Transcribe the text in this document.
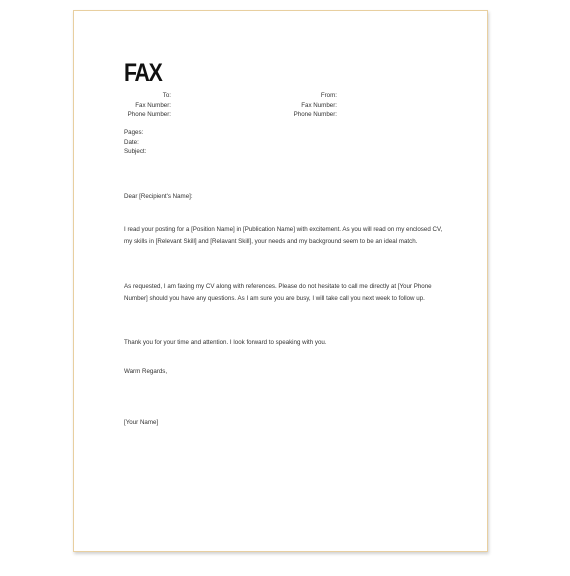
FAX
To:
Fax Number:
Phone Number:
From:
Fax Number:
Phone Number:
Pages:
Date:
Subject:
Dear [Recipient's Name]:
I read your posting for a [Position Name] in [Publication Name] with excitement. As you will read on my enclosed CV, my skills in [Relevant Skill] and [Relavant Skill], your needs and my background seem to be an ideal match.
As requested, I am faxing my CV along with references. Please do not hesitate to call me directly at [Your Phone Number] should you have any questions. As I am sure you are busy, I will take call you next week to follow up.
Thank you for your time and attention. I look forward to speaking with you.
Warm Regards,
[Your Name]
